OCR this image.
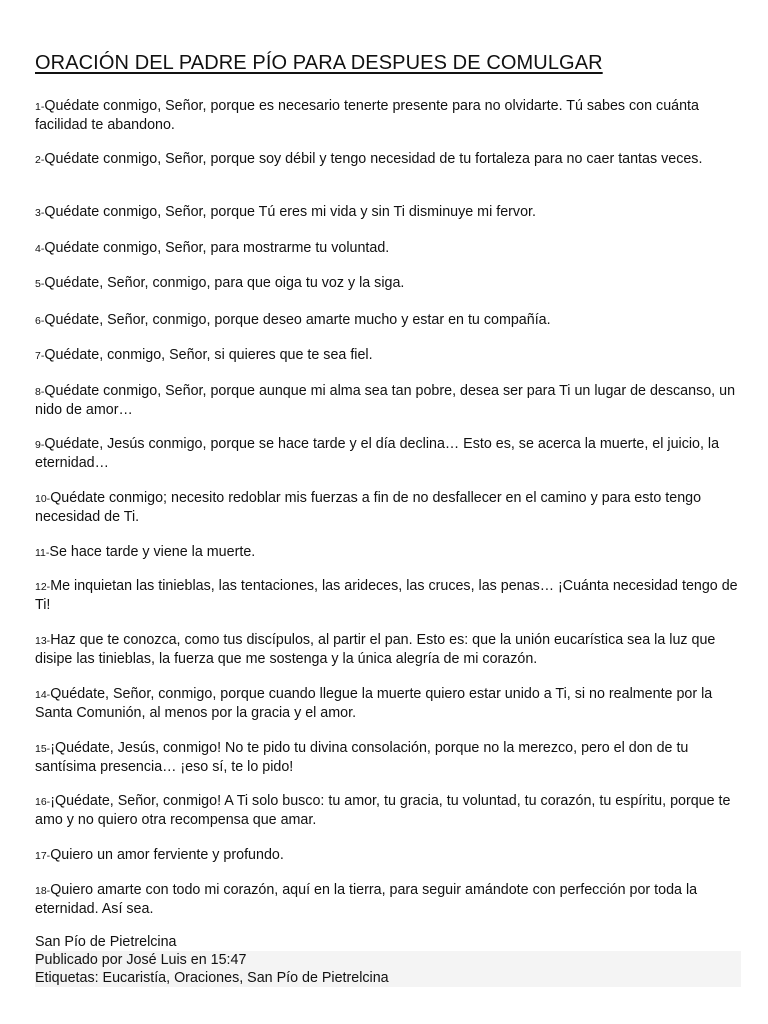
ORACIÓN DEL PADRE PÍO PARA DESPUES DE COMULGAR
1-Quédate conmigo, Señor, porque es necesario tenerte presente para no olvidarte. Tú sabes con cuánta facilidad te abandono.
2-Quédate conmigo, Señor, porque soy débil y tengo necesidad de tu fortaleza para no caer tantas veces.
3-Quédate conmigo, Señor, porque Tú eres mi vida y sin Ti disminuye mi fervor.
4-Quédate conmigo, Señor, para mostrarme tu voluntad.
5-Quédate, Señor, conmigo, para que oiga tu voz y la siga.
6-Quédate, Señor, conmigo, porque deseo amarte mucho y estar en tu compañía.
7-Quédate, conmigo, Señor, si quieres que te sea fiel.
8-Quédate conmigo, Señor, porque aunque mi alma sea tan pobre, desea ser para Ti un lugar de descanso, un nido de amor…
9-Quédate, Jesús conmigo, porque se hace tarde y el día declina… Esto es, se acerca la muerte, el juicio, la eternidad…
10-Quédate conmigo; necesito redoblar mis fuerzas a fin de no desfallecer en el camino y para esto tengo necesidad de Ti.
11-Se hace tarde y viene la muerte.
12-Me inquietan las tinieblas, las tentaciones, las arideces, las cruces, las penas… ¡Cuánta necesidad tengo de Ti!
13-Haz que te conozca, como tus discípulos, al partir el pan. Esto es: que la unión eucarística sea la luz que disipe las tinieblas, la fuerza que me sostenga y la única alegría de mi corazón.
14-Quédate, Señor, conmigo, porque cuando llegue la muerte quiero estar unido a Ti, si no realmente por la Santa Comunión, al menos por la gracia y el amor.
15-¡Quédate, Jesús, conmigo! No te pido tu divina consolación, porque no la merezco, pero el don de tu santísima presencia… ¡eso sí, te lo pido!
16-¡Quédate, Señor, conmigo! A Ti solo busco: tu amor, tu gracia, tu voluntad, tu corazón, tu espíritu, porque te amo y no quiero otra recompensa que amar.
17-Quiero un amor ferviente y profundo.
18-Quiero amarte con todo mi corazón, aquí en la tierra, para seguir amándote con perfección por toda la eternidad. Así sea.
San Pío de Pietrelcina
Publicado por José Luis en 15:47
Etiquetas: Eucaristía, Oraciones, San Pío de Pietrelcina
